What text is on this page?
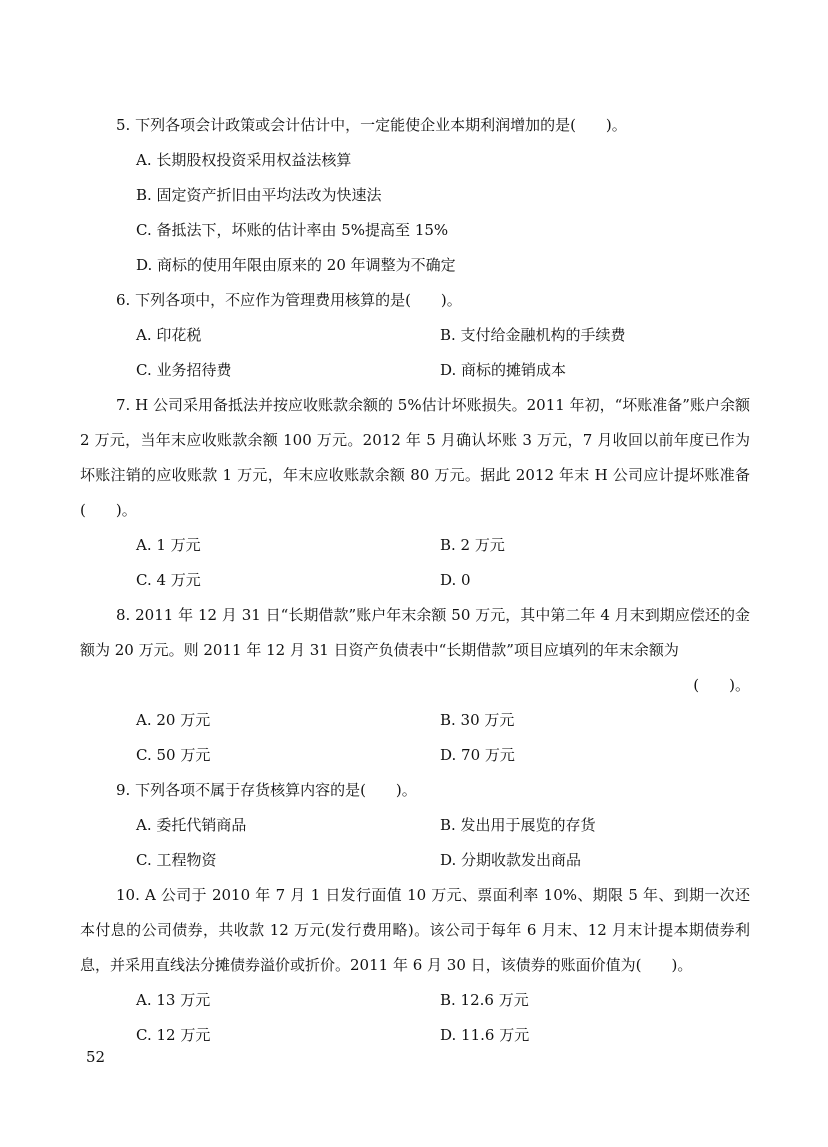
5. 下列各项会计政策或会计估计中，一定能使企业本期利润增加的是(　　)。
A. 长期股权投资采用权益法核算
B. 固定资产折旧由平均法改为快速法
C. 备抵法下，坏账的估计率由 5%提高至 15%
D. 商标的使用年限由原来的 20 年调整为不确定
6. 下列各项中，不应作为管理费用核算的是(　　)。
A. 印花税	B. 支付给金融机构的手续费
C. 业务招待费	D. 商标的摊销成本
7. H 公司采用备抵法并按应收账款余额的 5%估计坏账损失。2011 年初，“坏账准备”账户余额 2 万元，当年末应收账款余额 100 万元。2012 年 5 月确认坏账 3 万元，7 月收回以前年度已作为坏账注销的应收账款 1 万元，年末应收账款余额 80 万元。据此 2012 年末 H 公司应计提坏账准备(　　)。
A. 1 万元	B. 2 万元
C. 4 万元	D. 0
8. 2011 年 12 月 31 日“长期借款”账户年末余额 50 万元，其中第二年 4 月末到期应偿还的金额为 20 万元。则 2011 年 12 月 31 日资产负债表中“长期借款”项目应填列的年末余额为
(　　)。
A. 20 万元	B. 30 万元
C. 50 万元	D. 70 万元
9. 下列各项不属于存货核算内容的是(　　)。
A. 委托代销商品	B. 发出用于展览的存货
C. 工程物资	D. 分期收款发出商品
10. A 公司于 2010 年 7 月 1 日发行面值 10 万元、票面利率 10%、期限 5 年、到期一次还本付息的公司债券，共收款 12 万元(发行费用略)。该公司于每年 6 月末、12 月末计提本期债券利息，并采用直线法分摊债券溢价或折价。2011 年 6 月 30 日，该债券的账面价值为(　　)。
A. 13 万元	B. 12.6 万元
C. 12 万元	D. 11.6 万元
52
